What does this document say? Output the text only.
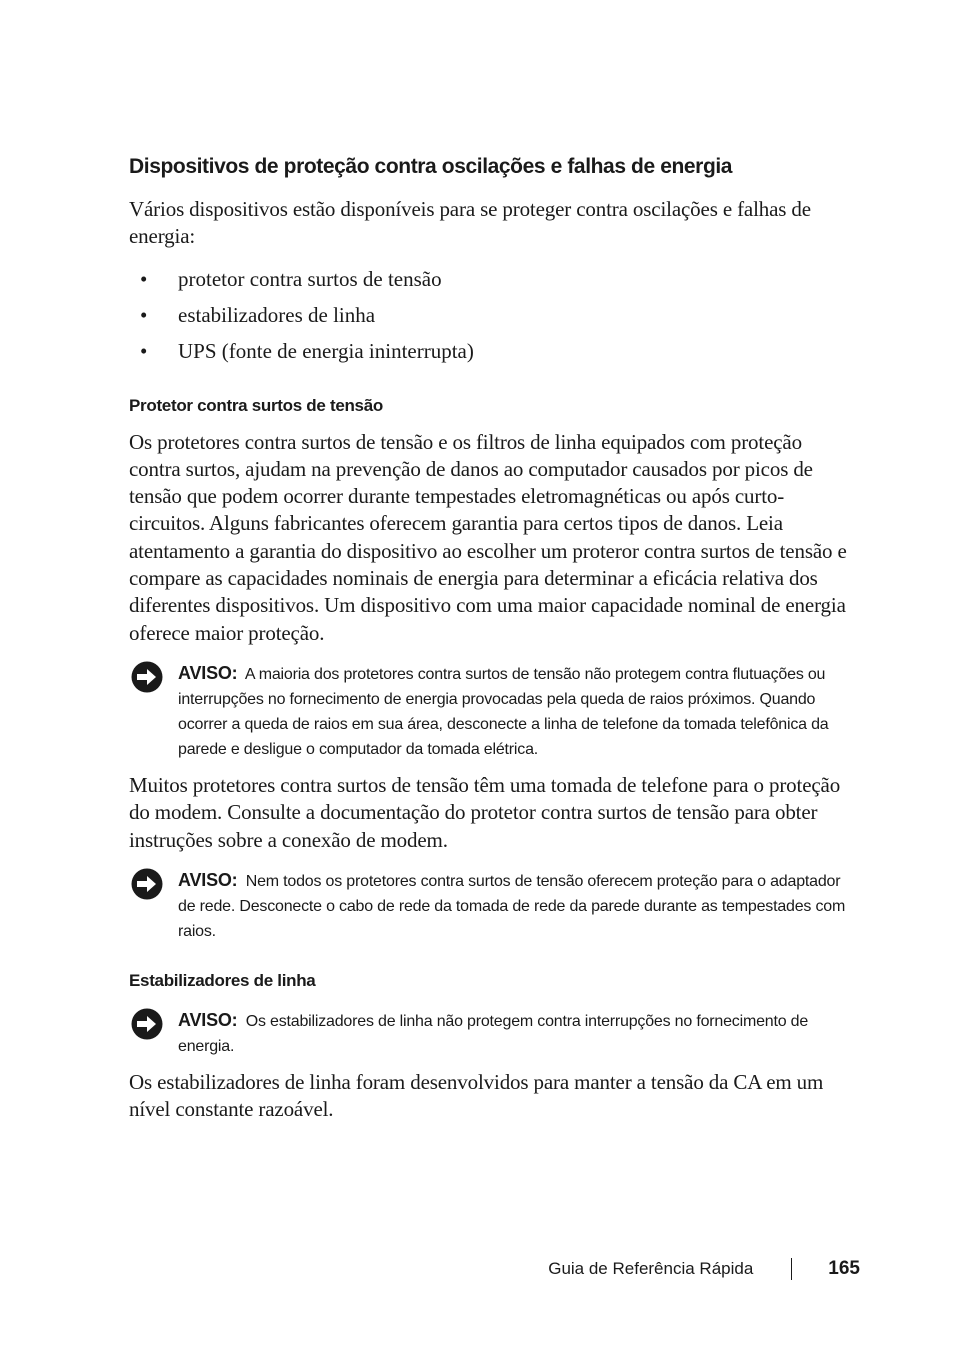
Dispositivos de proteção contra oscilações e falhas de energia

Vários dispositivos estão disponíveis para se proteger contra oscilações e falhas de energia:

• protetor contra surtos de tensão
• estabilizadores de linha
• UPS (fonte de energia ininterrupta)
Protetor contra surtos de tensão

Os protetores contra surtos de tensão e os filtros de linha equipados com proteção contra surtos, ajudam na prevenção de danos ao computador causados por picos de tensão que podem ocorrer durante tempestades eletromagnéticas ou após curto-circuitos. Alguns fabricantes oferecem garantia para certos tipos de danos. Leia atentamento a garantia do dispositivo ao escolher um proteror contra surtos de tensão e compare as capacidades nominais de energia para determinar a eficácia relativa dos diferentes dispositivos. Um dispositivo com uma maior capacidade nominal de energia oferece maior proteção.

AVISO: A maioria dos protetores contra surtos de tensão não protegem contra flutuações ou interrupções no fornecimento de energia provocadas pela queda de raios próximos. Quando ocorrer a queda de raios em sua área, desconecte a linha de telefone da tomada telefônica da parede e desligue o computador da tomada elétrica.

Muitos protetores contra surtos de tensão têm uma tomada de telefone para o proteção do modem. Consulte a documentação do protetor contra surtos de tensão para obter instruções sobre a conexão de modem.

AVISO: Nem todos os protetores contra surtos de tensão oferecem proteção para o adaptador de rede. Desconecte o cabo de rede da tomada de rede da parede durante as tempestades com raios.
Estabilizadores de linha
AVISO: Os estabilizadores de linha não protegem contra interrupções no fornecimento de energia.

Os estabilizadores de linha foram desenvolvidos para manter a tensão da CA em um nível constante razoável.

Guia de Referência Rápida	165
